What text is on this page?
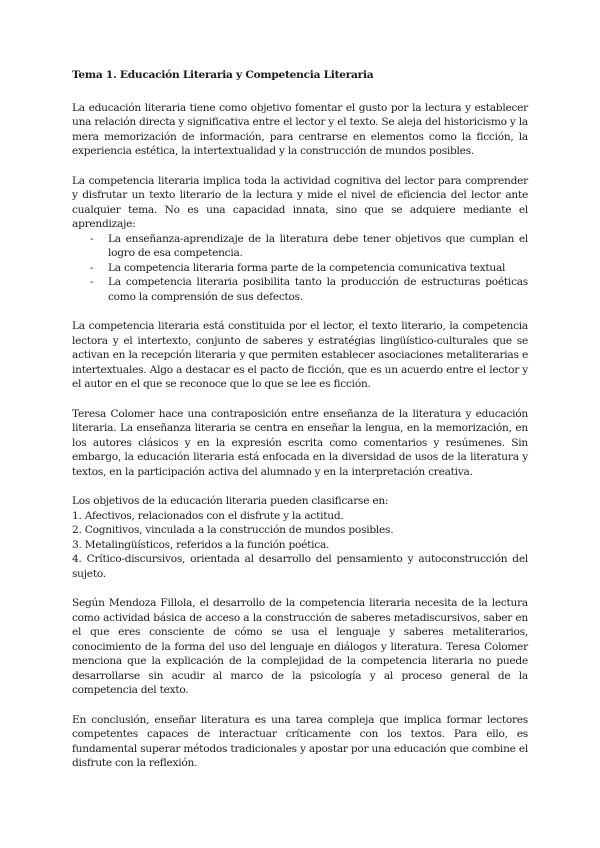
Tema 1. Educación Literaria y Competencia Literaria

La educación literaria tiene como objetivo fomentar el gusto por la lectura y establecer una relación directa y significativa entre el lector y el texto. Se aleja del historicismo y la mera memorización de información, para centrarse en elementos como la ficción, la experiencia estética, la intertextualidad y la construcción de mundos posibles.

La competencia literaria implica toda la actividad cognitiva del lector para comprender y disfrutar un texto literario de la lectura y mide el nivel de eficiencia del lector ante cualquier tema. No es una capacidad innata, sino que se adquiere mediante el aprendizaje:

- La enseñanza-aprendizaje de la literatura debe tener objetivos que cumplan el logro de esa competencia.
- La competencia literaria forma parte de la competencia comunicativa textual
- La competencia literaria posibilita tanto la producción de estructuras poéticas como la comprensión de sus defectos.

La competencia literaria está constituida por el lector, el texto literario, la competencia lectora y el intertexto, conjunto de saberes y estratégias lingüístico-culturales que se activan en la recepción literaria y que permiten establecer asociaciones metaliterarias e intertextuales. Algo a destacar es el pacto de ficción, que es un acuerdo entre el lector y el autor en el que se reconoce que lo que se lee es ficción.

Teresa Colomer hace una contraposición entre enseñanza de la literatura y educación literaria. La enseñanza literaria se centra en enseñar la lengua, en la memorización, en los autores clásicos y en la expresión escrita como comentarios y resúmenes. Sin embargo, la educación literaria está enfocada en la diversidad de usos de la literatura y textos, en la participación activa del alumnado y en la interpretación creativa.

Los objetivos de la educación literaria pueden clasificarse en:
1. Afectivos, relacionados con el disfrute y la actitud.
2. Cognitivos, vinculada a la construcción de mundos posibles.
3. Metalingüísticos, referidos a la función poética.
4. Crítico-discursivos, orientada al desarrollo del pensamiento y autoconstrucción del sujeto.

Según Mendoza Fillola, el desarrollo de la competencia literaria necesita de la lectura como actividad básica de acceso a la construcción de saberes metadiscursivos, saber en el que eres consciente de cómo se usa el lenguaje y saberes metaliterarios, conocimiento de la forma del uso del lenguaje en diálogos y literatura. Teresa Colomer menciona que la explicación de la complejidad de la competencia literaria no puede desarrollarse sin acudir al marco de la psicología y al proceso general de la competencia del texto.

En conclusión, enseñar literatura es una tarea compleja que implica formar lectores competentes capaces de interactuar críticamente con los textos. Para ello, es fundamental superar métodos tradicionales y apostar por una educación que combine el disfrute con la reflexión.
